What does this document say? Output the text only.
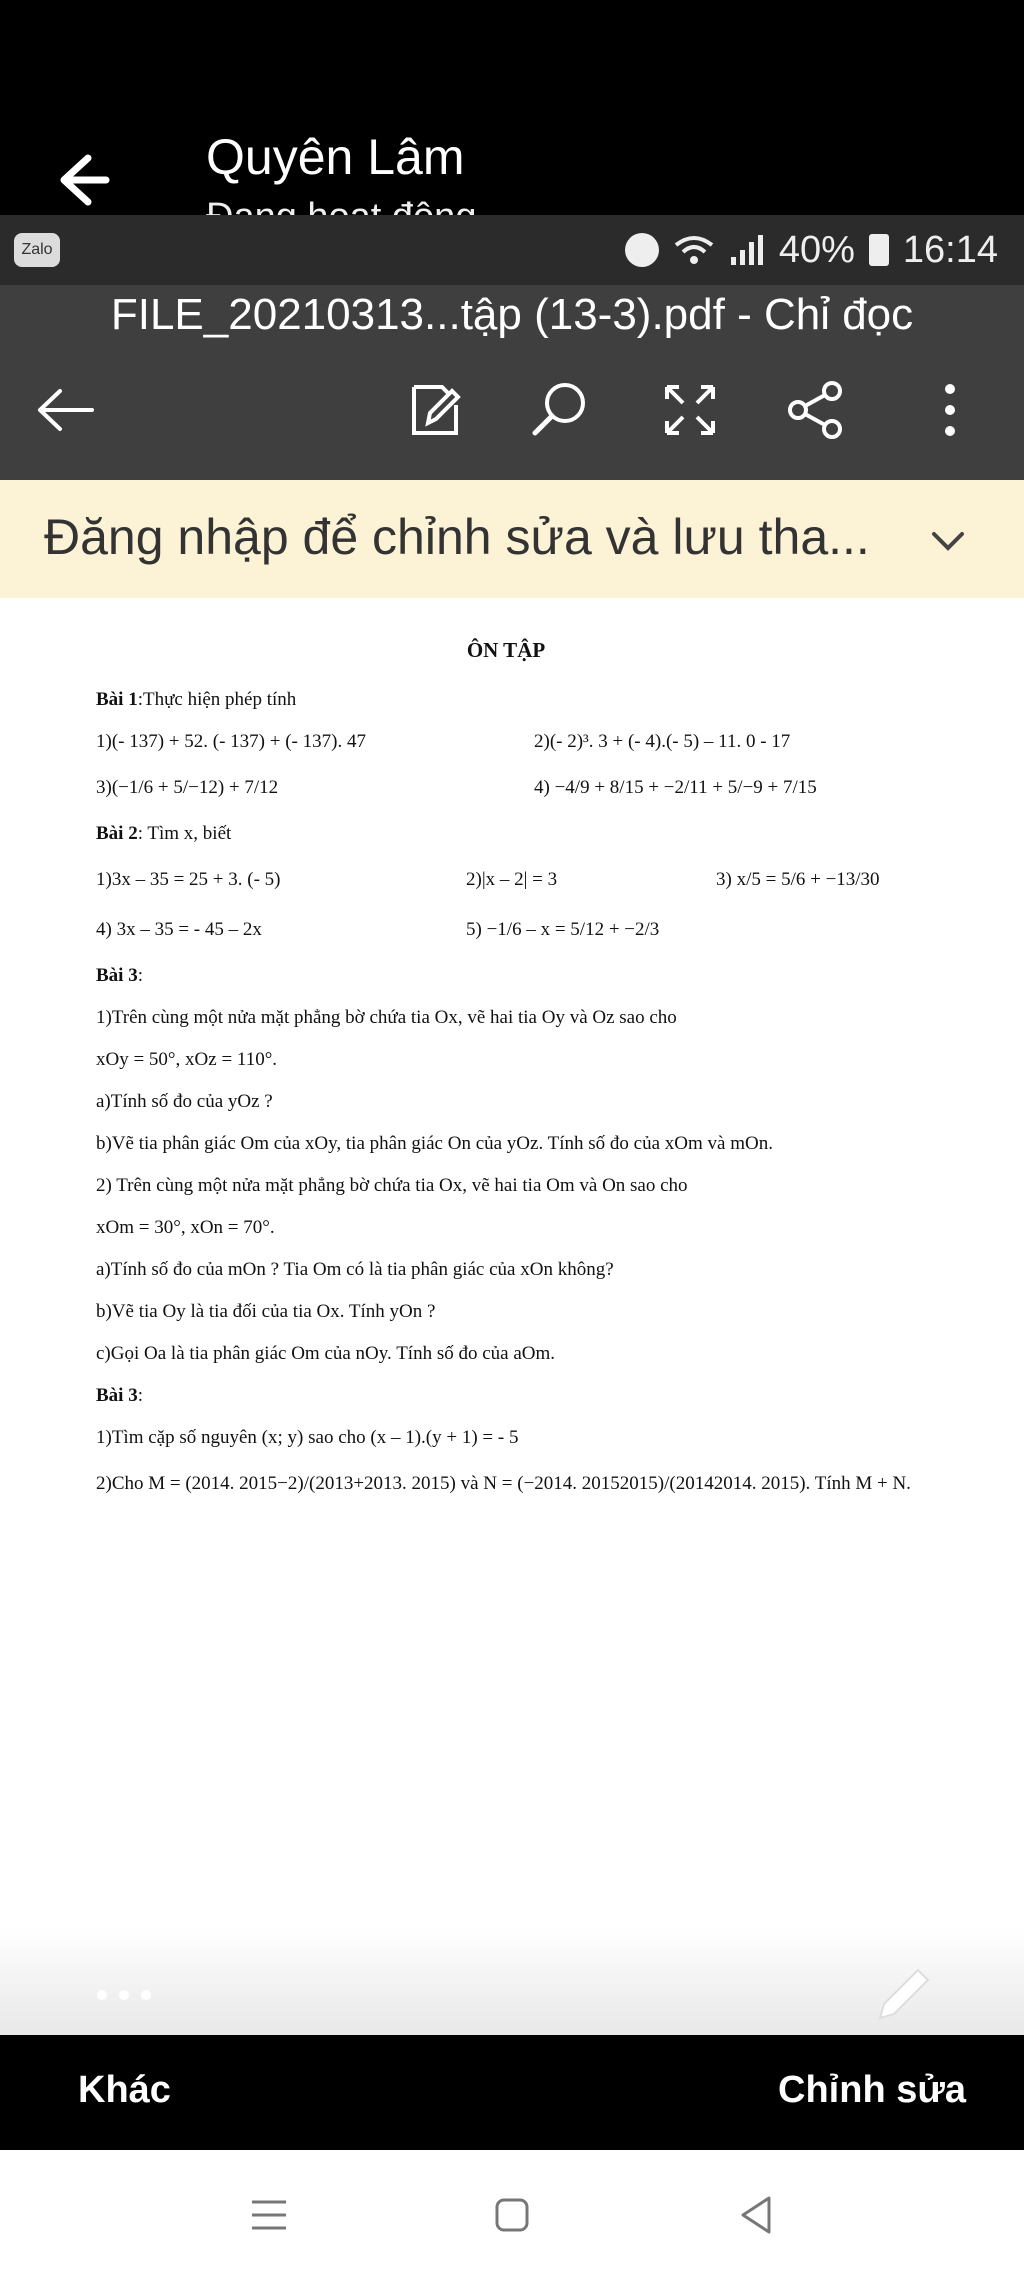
Quyên Lâm
Zalo	40% 16:14
FILE_20210313...tập (13-3).pdf - Chỉ đọc
Đăng nhập để chỉnh sửa và lưu tha...
ÔN TẬP
Bài 1:Thực hiện phép tính
1)(- 137) + 52. (- 137) + (- 137). 47	2)(- 2)³. 3 + (- 4).(- 5) – 11. 0 - 17
3)(−1/6 + 5/−12) + 7/12	4) −4/9 + 8/15 + −2/11 + 5/−9 + 7/15
Bài 2: Tìm x, biết
1)3x – 35 = 25 + 3. (- 5)	2)|x – 2| = 3	3) x/5 = 5/6 + −13/30
4) 3x – 35 = - 45 – 2x	5) −1/6 – x = 5/12 + −2/3
Bài 3:
1)Trên cùng một nửa mặt phẳng bờ chứa tia Ox, vẽ hai tia Oy và Oz sao cho
xOy = 50°, xOz = 110°.
a)Tính số đo của yOz ?
b)Vẽ tia phân giác Om của xOy, tia phân giác On của yOz. Tính số đo của xOm và mOn.
2) Trên cùng một nửa mặt phẳng bờ chứa tia Ox, vẽ hai tia Om và On sao cho
xOm = 30°, xOn = 70°.
a)Tính số đo của mOn ? Tia Om có là tia phân giác của xOn không?
b)Vẽ tia Oy là tia đối của tia Ox. Tính yOn ?
c)Gọi Oa là tia phân giác Om của nOy. Tính số đo của aOm.
Bài 3:
1)Tìm cặp số nguyên (x; y) sao cho (x – 1).(y + 1) = - 5
2)Cho M = (2014. 2015−2)/(2013+2013. 2015) và N = (−2014. 20152015)/(20142014. 2015). Tính M + N.
Khác	Chỉnh sửa
